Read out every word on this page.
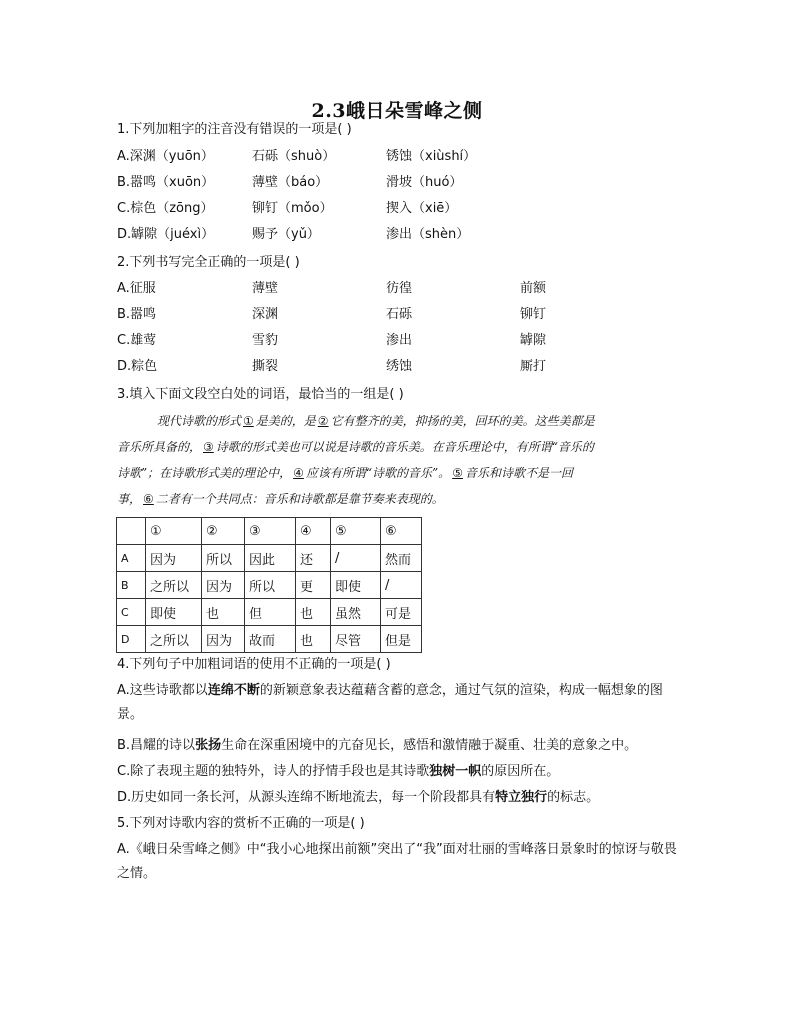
2.3峨日朵雪峰之侧
1.下列加粗字的注音没有错误的一项是( )
A.深渊（yuōn）	石砾（shuò）	锈蚀（xiùshí）
B.嚣鸣（xuōn）	薄壁（báo）	滑坡（huó）
C.棕色（zōng）	铆钉（mǒo）	揳入（xiē）
D.罅隙（juéxì）	赐予（yǔ）	渗出（shèn）
2.下列书写完全正确的一项是( )
A.征服	薄壁	彷徨	前额
B.嚣鸣	深渊	石砾	铆钉
C.雄莺	雪豹	渗出	罅隙
D.粽色	撕裂	绣蚀	厮打
3.填入下面文段空白处的词语，最恰当的一组是( )
现代诗歌的形式 ① 是美的，是 ② 它有整齐的美，抑扬的美，回环的美。这些美都是
音乐所具备的， ③ 诗歌的形式美也可以说是诗歌的音乐美。在音乐理论中，有所谓“音乐的
诗歌”；在诗歌形式美的理论中， ④ 应该有所谓“诗歌的音乐”。 ⑤ 音乐和诗歌不是一回
事， ⑥ 二者有一个共同点：音乐和诗歌都是靠节奏来表现的。
	①	②	③	④	⑤	⑥
A	因为	所以	因此	还	/	然而
B	之所以	因为	所以	更	即使	/
C	即使	也	但	也	虽然	可是
D	之所以	因为	故而	也	尽管	但是
4.下列句子中加粗词语的使用不正确的一项是( )
A.这些诗歌都以连绵不断的新颖意象表达蕴藉含蓄的意念，通过气氛的渲染，构成一幅想象的图景。
B.昌耀的诗以张扬生命在深重困境中的亢奋见长，感悟和激情融于凝重、壮美的意象之中。
C.除了表现主题的独特外，诗人的抒情手段也是其诗歌独树一帜的原因所在。
D.历史如同一条长河，从源头连绵不断地流去，每一个阶段都具有特立独行的标志。
5.下列对诗歌内容的赏析不正确的一项是( )
A.《峨日朵雪峰之侧》中“我小心地探出前额”突出了“我”面对壮丽的雪峰落日景象时的惊讶与敬畏之情。
